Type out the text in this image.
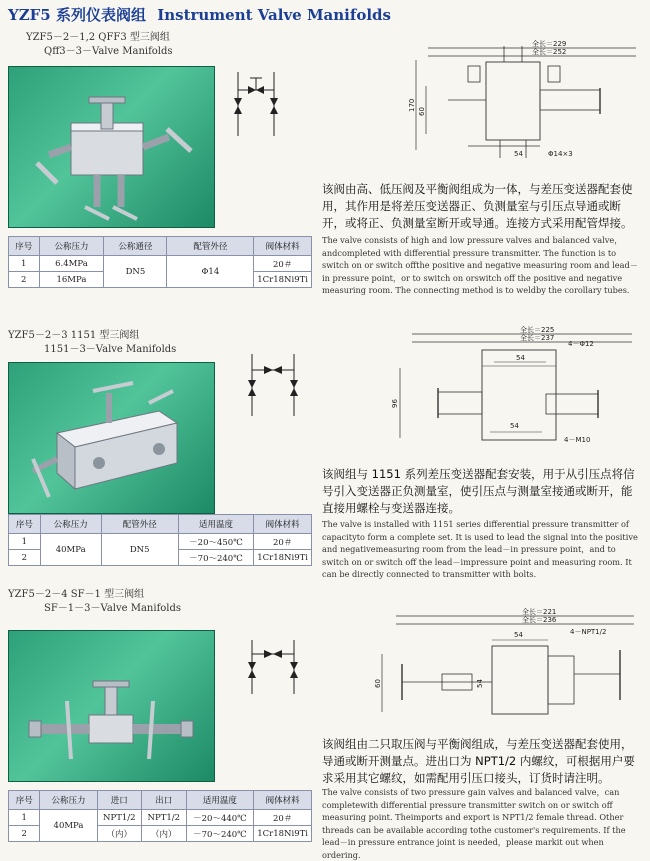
YZF5 系列仪表阀组 Instrument Valve Manifolds
YZF5－2－1,2 QFF3 型三阀组
Qff3－3－Valve Manifolds
全长＝229
全长＝252
170 60
54	Φ14×3
该阀由高、低压阀及平衡阀组成为一体，与差压变送器配套使用，其作用是将差压变送器正、负测量室与引压点导通或断开，或将正、负测量室断开或导通。连接方式采用配管焊接。
The valve consists of high and low pressure valves and balanced valve，andcompleted with differential pressure transmitter. The function is to switch on or switch offthe positive and negative measuring room and lead－in pressure point，or to switch on orswitch off the positive and negative measuring room. The connecting method is to weldby the corollary tubes.
序号	公称压力	公称通径	配管外径	阀体材料
1	6.4MPa	DN5	Φ14	20＃
2	16MPa			1Cr18Ni9Ti
YZF5－2－3 1151 型三阀组
1151－3－Valve Manifolds
全长＝225
全长＝237
4－Φ12
54
96
54
4－M10
该阀组与 1151 系列差压变送器配套安装，用于从引压点将信号引入变送器正负测量室，使引压点与测量室接通或断开，能直接用螺栓与变送器连接。
The valve is installed with 1151 series differential pressure transmitter of capacityto form a complete set. It is used to lead the signal into the positive and negativemeasuring room from the lead－in pressure point，and to switch on or switch off the lead－impressure point and measuring room. It can be directly connected to transmitter with bolts.
序号	公称压力	配管外径	适用温度	阀体材料
1	40MPa	DN5	－20～450℃	20＃
2			－70～240℃	1Cr18Ni9Ti
YZF5－2－4 SF－1 型三阀组
SF－1－3－Valve Manifolds	全长＝221
全长＝236
54	4－NPT1/2
60	54
该阀组由二只取压阀与平衡阀组成，与差压变送器配套使用，导通或断开测量点。进出口为 NPT1/2 内螺纹，可根据用户要求采用其它螺纹，如需配用引压口接头，订货时请注明。
The valve consists of two pressure gain valves and balanced valve，can completewith differential pressure transmitter switch on or switch off measuring point. Theimports and export is NPT1/2 female thread. Other threads can be available according tothe customer's requirements. If the lead－in pressure entrance joint is needed，please markit out when ordering.
序号	公称压力	进口	出口	适用温度	阀体材料
1	40MPa	NPT1/2	NPT1/2	－20～440℃	20＃
2		（内）	（内）	－70～240℃	1Cr18Ni9Ti
